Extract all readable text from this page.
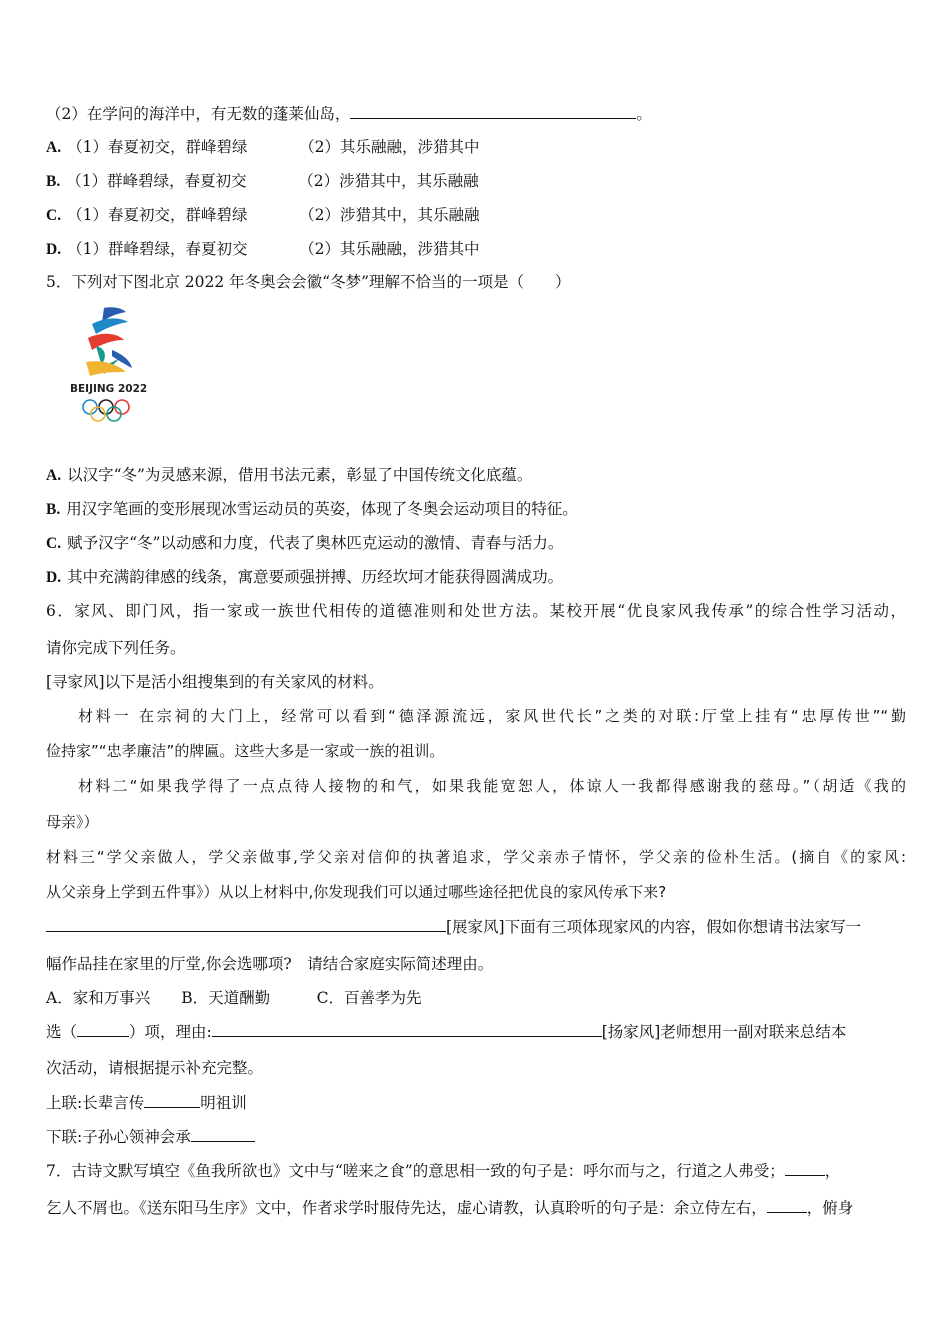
（2）在学问的海洋中，有无数的蓬莱仙岛，	。
A. （1）春夏初交，群峰碧绿	（2）其乐融融，涉猎其中
B. （1）群峰碧绿，春夏初交	（2）涉猎其中，其乐融融
C. （1）春夏初交，群峰碧绿	（2）涉猎其中，其乐融融
D. （1）群峰碧绿，春夏初交	（2）其乐融融，涉猎其中
5．下列对下图北京 2022 年冬奥会会徽“冬梦”理解不恰当的一项是（　　）
BEIJING 2022
A. 以汉字“冬”为灵感来源，借用书法元素，彰显了中国传统文化底蕴。
B. 用汉字笔画的变形展现冰雪运动员的英姿，体现了冬奥会运动项目的特征。
C. 赋予汉字“冬”以动感和力度，代表了奥林匹克运动的激情、青春与活力。
D. 其中充满韵律感的线条，寓意要顽强拼搏、历经坎坷才能获得圆满成功。
6．家风、即门风，指一家或一族世代相传的道德准则和处世方法。某校开展“优良家风我传承”的综合性学习活动，
请你完成下列任务。
[寻家风]以下是活小组搜集到的有关家风的材料。
材料一 在宗祠的大门上，经常可以看到“德泽源流远，家风世代长”之类的对联:厅堂上挂有“忠厚传世”“勤
俭持家”“忠孝廉洁”的牌匾。这些大多是一家或一族的祖训。
材料二“如果我学得了一点点待人接物的和气，如果我能宽恕人，体谅人一我都得感谢我的慈母。”（胡适《我的
母亲》）
材料三“学父亲做人，学父亲做事,学父亲对信仰的执著追求，学父亲赤子情怀，学父亲的俭朴生活。(摘自《的家风:
从父亲身上学到五件事》）从以上材料中,你发现我们可以通过哪些途径把优良的家风传承下来?
[展家风]下面有三项体现家风的内容，假如你想请书法家写一
幅作品挂在家里的厅堂,你会选哪项?　请结合家庭实际简述理由。
A．家和万事兴　　B．天道酬勤　　　C．百善孝为先
选（	）项，理由:	[扬家风]老师想用一副对联来总结本
次活动，请根据提示补充完整。
上联:长辈言传	明祖训
下联:子孙心领神会承
7．古诗文默写填空《鱼我所欲也》文中与“嗟来之食”的意思相一致的句子是：呼尔而与之，行道之人弗受；	，
乞人不屑也。《送东阳马生序》文中，作者求学时服侍先达，虚心请教，认真聆听的句子是：余立侍左右，	，俯身
